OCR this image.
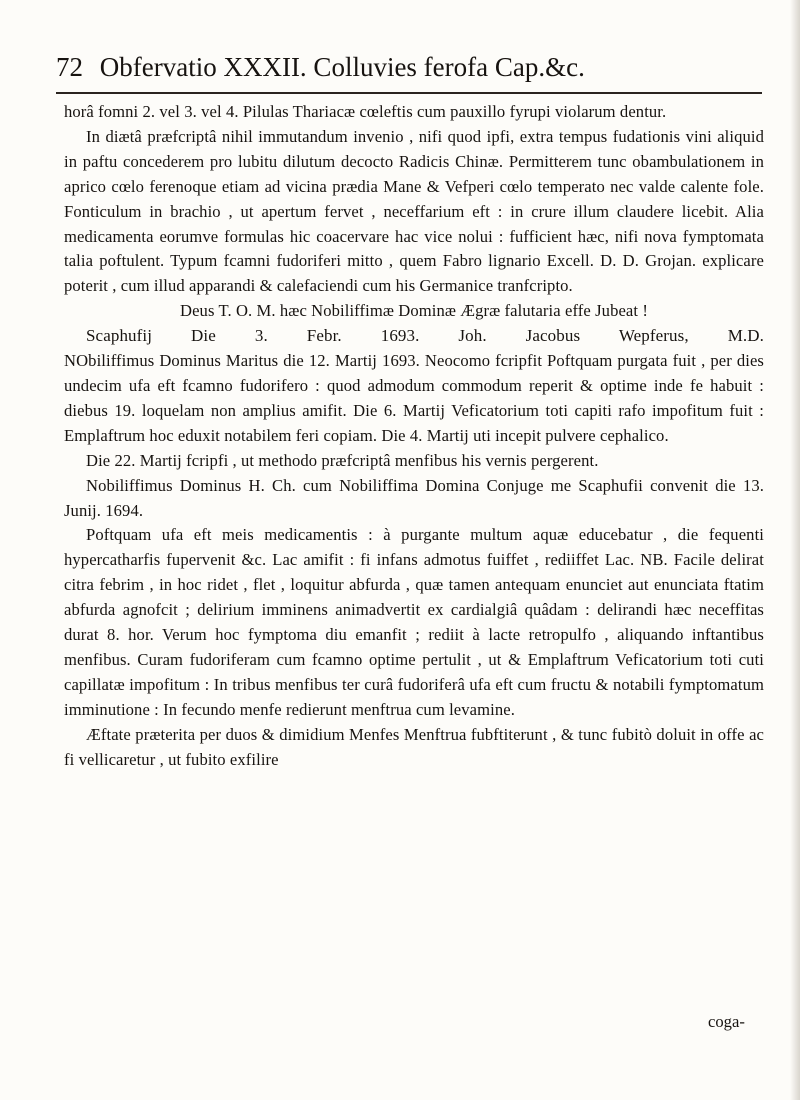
72 Obfervatio XXXII. Colluvies ferofa Cap.&c.

horâ fomni 2. vel 3. vel 4. Pilulas Thariacæ cœleftis cum pauxillo fyrupi violarum dentur.

In diætâ præfcriptâ nihil immutandum invenio , nifi quod ipfi, extra tempus fudationis vini aliquid in paftu concederem pro lubitu dilutum decocto Radicis Chinæ. Permitterem tunc obambulationem in aprico cœlo ferenoque etiam ad vicina prædia Mane & Vefperi cœlo temperato nec valde calente fole. Fonticulum in brachio , ut apertum fervet , neceffarium eft : in crure illum claudere licebit. Alia medicamenta eorumve formulas hic coacervare hac vice nolui : fufficient hæc, nifi nova fymptomata talia poftulent. Typum fcamni fudoriferi mitto , quem Fabro lignario Excell. D. D. Grojan. explicare poterit , cum illud apparandi & calefaciendi cum his Germanice tranfcripto.

Deus T. O. M. hæc Nobiliffimæ Dominæ Ægræ falutaria effe Jubeat !

Scaphufij Die 3. Febr. 1693. Joh. Jacobus Wepferus, M.D.

NObiliffimus Dominus Maritus die 12. Martij 1693. Neocomo fcripfit Poftquam purgata fuit , per dies undecim ufa eft fcamno fudorifero : quod admodum commodum reperit & optime inde fe habuit : diebus 19. loquelam non amplius amifit. Die 6. Martij Veficatorium toti capiti rafo impofitum fuit : Emplaftrum hoc eduxit notabilem feri copiam. Die 4. Martij uti incepit pulvere cephalico.

Die 22. Martij fcripfi , ut methodo præfcriptâ menfibus his vernis pergerent.

Nobiliffimus Dominus H. Ch. cum Nobiliffima Domina Conjuge me Scaphufii convenit die 13. Junij. 1694.

Poftquam ufa eft meis medicamentis : à purgante multum aquæ educebatur , die fequenti hypercatharfis fupervenit &c. Lac amifit : fi infans admotus fuiffet , rediiffet Lac. NB. Facile delirat citra febrim , in hoc ridet , flet , loquitur abfurda , quæ tamen antequam enunciet aut enunciata ftatim abfurda agnofcit ; delirium imminens animadvertit ex cardialgiâ quâdam : delirandi hæc neceffitas durat 8. hor. Verum hoc fymptoma diu emanfit ; rediit à lacte retropulfo , aliquando inftantibus menfibus. Curam fudoriferam cum fcamno optime pertulit , ut & Emplaftrum Veficatorium toti cuti capillatæ impofitum : In tribus menfibus ter curâ fudoriferâ ufa eft cum fructu & notabili fymptomatum imminutione : In fecundo menfe redierunt menftrua cum levamine.

Æftate præterita per duos & dimidium Menfes Menftrua fubftiterunt , & tunc fubitò doluit in offe ac fi vellicaretur , ut fubito exfilire

coga-
